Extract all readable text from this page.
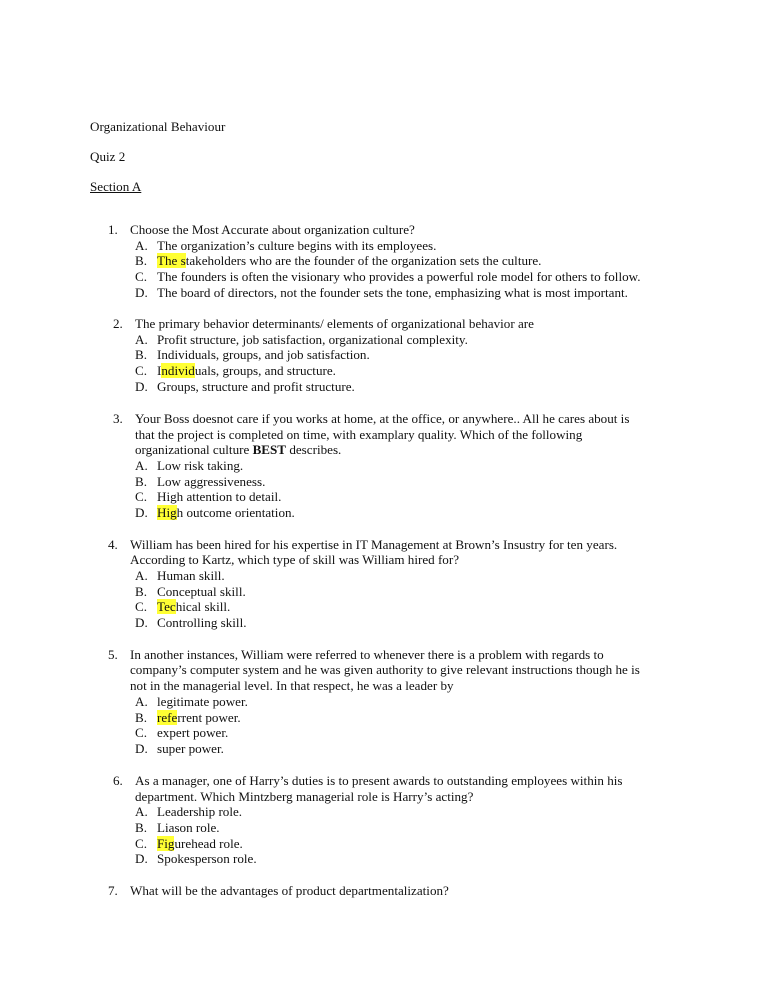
Organizational Behaviour
Quiz 2
Section A
1. Choose the Most Accurate about organization culture?
A. The organization’s culture begins with its employees.
B. The stakeholders who are the founder of the organization sets the culture.
C. The founders is often the visionary who provides a powerful role model for others to follow.
D. The board of directors, not the founder sets the tone, emphasizing what is most important.
2. The primary behavior determinants/ elements of organizational behavior are
A. Profit structure, job satisfaction, organizational complexity.
B. Individuals, groups, and job satisfaction.
C. Individuals, groups, and structure.
D. Groups, structure and profit structure.
3. Your Boss doesnot care if you works at home, at the office, or anywhere.. All he cares about is
that the project is completed on time, with examplary quality. Which of the following
organizational culture BEST describes.
A. Low risk taking.
B. Low aggressiveness.
C. High attention to detail.
D. High outcome orientation.
4. William has been hired for his expertise in IT Management at Brown’s Insustry for ten years.
According to Kartz, which type of skill was William hired for?
A. Human skill.
B. Conceptual skill.
C. Techical skill.
D. Controlling skill.
5. In another instances, William were referred to whenever there is a problem with regards to
company’s computer system and he was given authority to give relevant instructions though he is
not in the managerial level. In that respect, he was a leader by
A. legitimate power.
B. referrent power.
C. expert power.
D. super power.
6. As a manager, one of Harry’s duties is to present awards to outstanding employees within his
department. Which Mintzberg managerial role is Harry’s acting?
A. Leadership role.
B. Liason role.
C. Figurehead role.
D. Spokesperson role.
7. What will be the advantages of product departmentalization?
